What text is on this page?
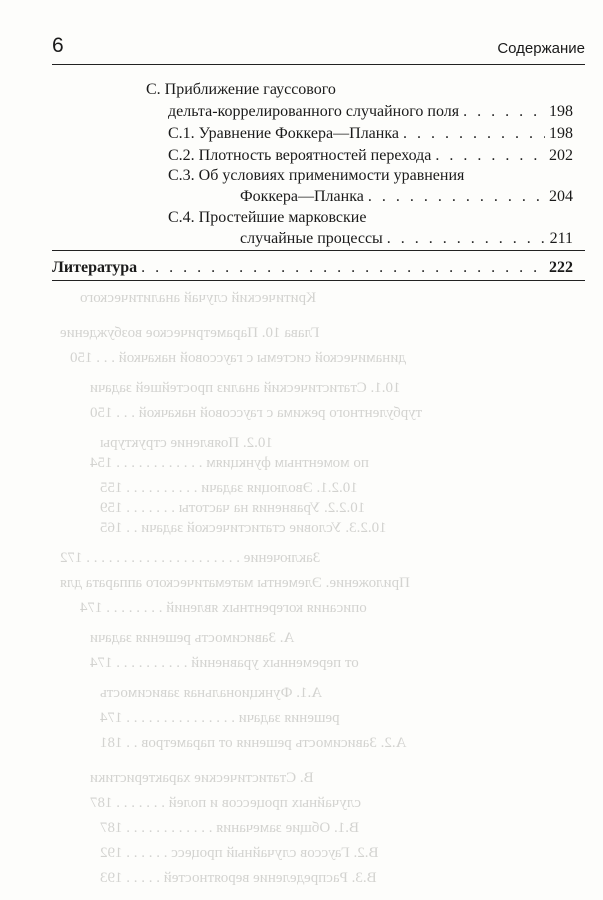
Критический случай аналитического
Глава 10. Параметрическое возбуждение
динамической системы с гауссовой накачкой . . . 150
10.1. Статистический анализ простейшей задачи
турбулентного режима с гауссовой накачкой . . . 150
10.2. Появление структуры
по моментным функциям . . . . . . . . . . . . 154
10.2.1. Эволюция задачи . . . . . . . . . . 155
10.2.2. Уравнения на частоты . . . . . . . 159
10.2.3. Условие статистической задачи . . 165
Заключение . . . . . . . . . . . . . . . . . . . . . 172
Приложение. Элементы математического аппарата для
описания когерентных явлений . . . . . . . . 174
А. Зависимость решения задачи
от переменных уравнений . . . . . . . . . . 174
А.1. Функциональная зависимость
решения задачи . . . . . . . . . . . . . . . 174
А.2. Зависимость решения от параметров . . 181
В. Статистические характеристики
случайных процессов и полей . . . . . . . 187
В.1. Общие замечания . . . . . . . . . . . . 187
В.2. Гауссов случайный процесс . . . . . . 192
В.3. Распределение вероятностей . . . . . 193
6	Содержание
С. Приближение гауссового
дельта-коррелированного случайного поля . . .	198
С.1. Уравнение Фоккера—Планка . . .	198
С.2. Плотность вероятностей перехода . . .	202
С.3. Об условиях применимости уравнения
Фоккера—Планка . . .	204
С.4. Простейшие марковские
случайные процессы . . .	211
Литература . . .	222
